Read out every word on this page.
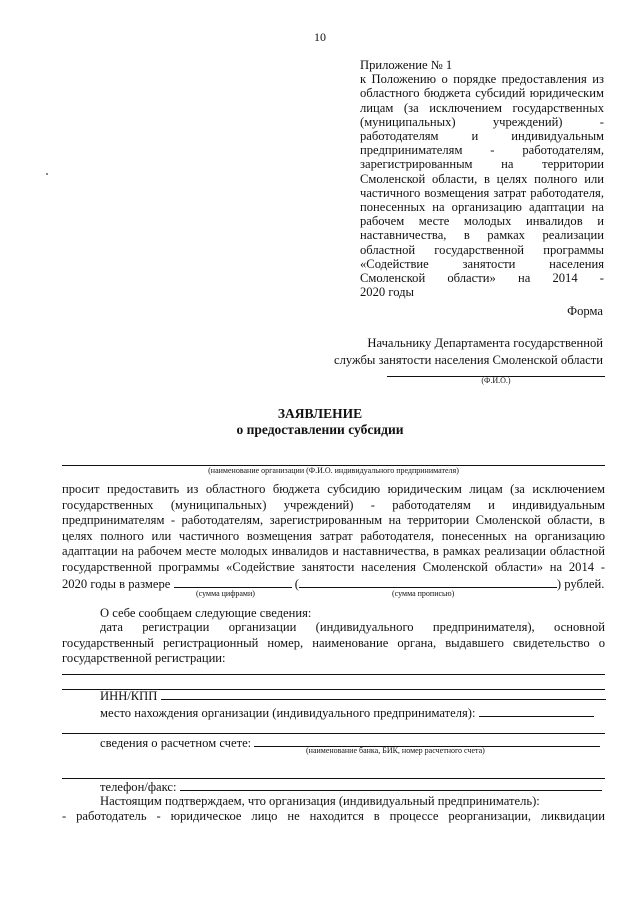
10
Приложение № 1
к Положению о порядке предоставления из областного бюджета субсидий юридическим лицам (за исключением государственных (муниципальных) учреждений) - работодателям и индивидуальным предпринимателям - работодателям, зарегистрированным на территории Смоленской области, в целях полного или частичного возмещения затрат работодателя, понесенных на организацию адаптации на рабочем месте молодых инвалидов и наставничества, в рамках реализации областной государственной программы «Содействие занятости населения Смоленской области» на 2014 -
2020 годы
Форма
Начальнику Департамента государственной
службы занятости населения Смоленской области
(Ф.И.О.)
ЗАЯВЛЕНИЕ
о предоставлении субсидии
(наименование организации (Ф.И.О. индивидуального предпринимателя)
просит предоставить из областного бюджета субсидию юридическим лицам (за исключением
государственных (муниципальных) учреждений) - работодателям и индивидуальным
предпринимателям - работодателям, зарегистрированным на территории Смоленской области, в
целях полного или частичного возмещения затрат работодателя, понесенных на организацию
адаптации на рабочем месте молодых инвалидов и наставничества, в рамках реализации областной
государственной программы «Содействие занятости населения Смоленской области» на 2014 -
2020 годы в размере	(	) рублей.
(сумма цифрами)	(сумма прописью)
О себе сообщаем следующие сведения:
дата регистрации организации (индивидуального предпринимателя), основной
государственный регистрационный номер, наименование органа, выдавшего свидетельство о
государственной регистрации:
ИНН/КПП
место нахождения организации (индивидуального предпринимателя):
сведения о расчетном счете:
(наименование банка, БИК, номер расчетного счета)
телефон/факс:
Настоящим подтверждаем, что организация (индивидуальный предприниматель):
- работодатель - юридическое лицо не находится в процессе реорганизации, ликвидации
